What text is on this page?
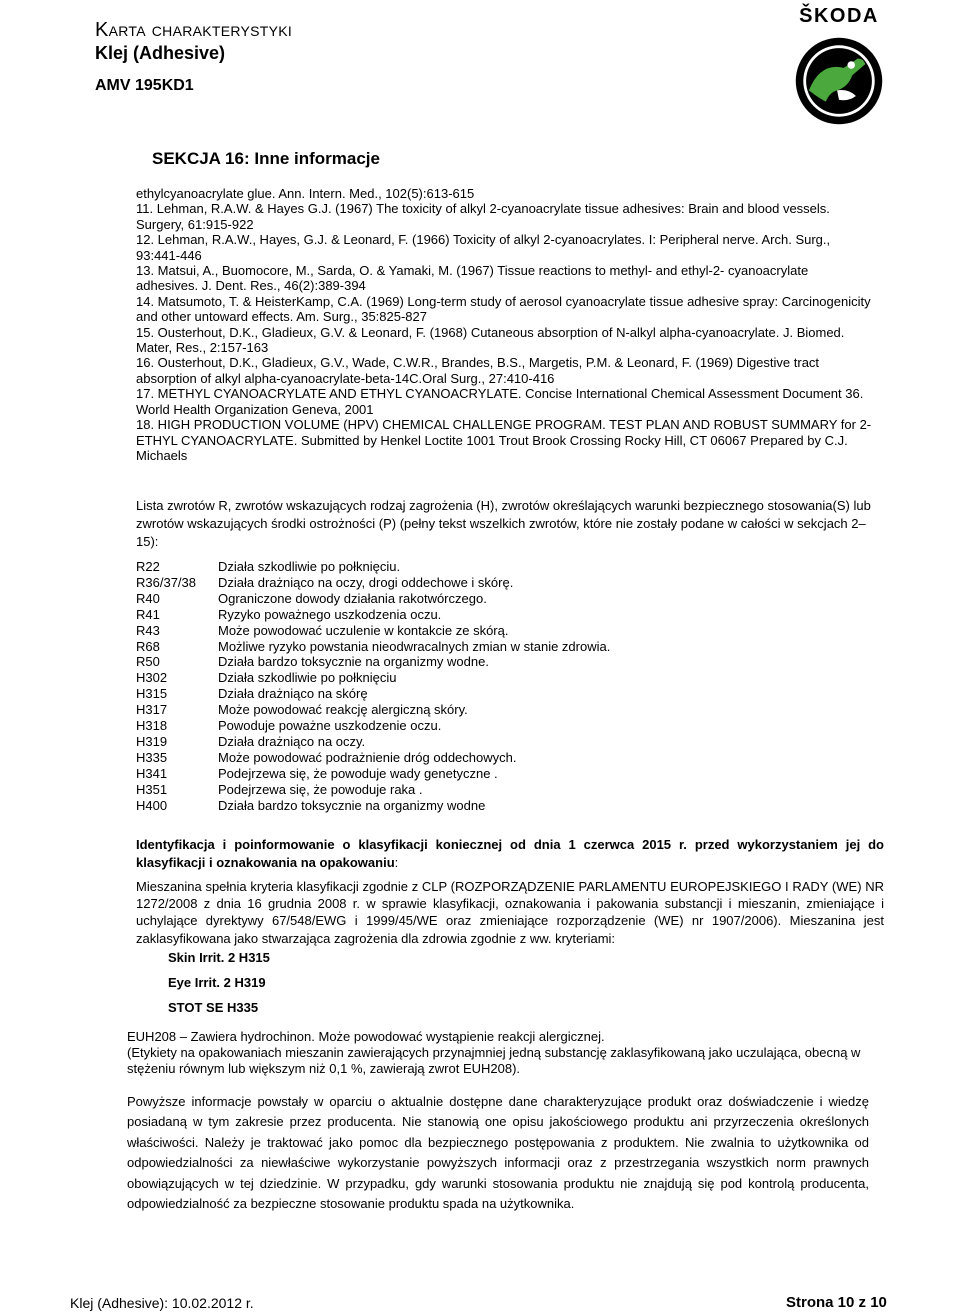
Karta charakterystyki
Klej (Adhesive)
AMV 195KD1
ŠKODA
SEKCJA 16: Inne informacje

ethylcyanoacrylate glue. Ann. Intern. Med., 102(5):613-615

11. Lehman, R.A.W. & Hayes G.J. (1967) The toxicity of alkyl 2-cyanoacrylate tissue adhesives: Brain and blood vessels. Surgery, 61:915-922

12. Lehman, R.A.W., Hayes, G.J. & Leonard, F. (1966) Toxicity of alkyl 2-cyanoacrylates. I: Peripheral nerve. Arch. Surg., 93:441-446

13. Matsui, A., Buomocore, M., Sarda, O. & Yamaki, M. (1967) Tissue reactions to methyl- and ethyl-2- cyanoacrylate adhesives. J. Dent. Res., 46(2):389-394

14. Matsumoto, T. & HeisterKamp, C.A. (1969) Long-term study of aerosol cyanoacrylate tissue adhesive spray: Carcinogenicity and other untoward effects. Am. Surg., 35:825-827

15. Ousterhout, D.K., Gladieux, G.V. & Leonard, F. (1968) Cutaneous absorption of N-alkyl alpha-cyanoacrylate. J. Biomed. Mater, Res., 2:157-163

16. Ousterhout, D.K., Gladieux, G.V., Wade, C.W.R., Brandes, B.S., Margetis, P.M. & Leonard, F. (1969) Digestive tract absorption of alkyl alpha-cyanoacrylate-beta-14C.Oral Surg., 27:410-416

17. METHYL CYANOACRYLATE AND ETHYL CYANOACRYLATE. Concise International Chemical Assessment Document 36. World Health Organization Geneva, 2001

18. HIGH PRODUCTION VOLUME (HPV) CHEMICAL CHALLENGE PROGRAM. TEST PLAN AND ROBUST SUMMARY for 2-ETHYL CYANOACRYLATE. Submitted by Henkel Loctite 1001 Trout Brook Crossing Rocky Hill, CT 06067 Prepared by C.J. Michaels

Lista zwrotów R, zwrotów wskazujących rodzaj zagrożenia (H), zwrotów określających warunki bezpiecznego stosowania(S) lub zwrotów wskazujących środki ostrożności (P) (pełny tekst wszelkich zwrotów, które nie zostały podane w całości w sekcjach 2–15):

R22	Działa szkodliwie po połknięciu.
R36/37/38	Działa drażniąco na oczy, drogi oddechowe i skórę.
R40	Ograniczone dowody działania rakotwórczego.
R41	Ryzyko poważnego uszkodzenia oczu.
R43	Może powodować uczulenie w kontakcie ze skórą.
R68	Możliwe ryzyko powstania nieodwracalnych zmian w stanie zdrowia.
R50	Działa bardzo toksycznie na organizmy wodne.
H302	Działa szkodliwie po połknięciu
H315	Działa drażniąco na skórę
H317	Może powodować reakcję alergiczną skóry.
H318	Powoduje poważne uszkodzenie oczu.
H319	Działa drażniąco na oczy.
H335	Może powodować podrażnienie dróg oddechowych.
H341	Podejrzewa się, że powoduje wady genetyczne .
H351	Podejrzewa się, że powoduje raka .
H400	Działa bardzo toksycznie na organizmy wodne

Identyfikacja i poinformowanie o klasyfikacji koniecznej od dnia 1 czerwca 2015 r. przed wykorzystaniem jej do klasyfikacji i oznakowania na opakowaniu:

Mieszanina spełnia kryteria klasyfikacji zgodnie z CLP (ROZPORZĄDZENIE PARLAMENTU EUROPEJSKIEGO I RADY (WE) NR 1272/2008 z dnia 16 grudnia 2008 r. w sprawie klasyfikacji, oznakowania i pakowania substancji i mieszanin, zmieniające i uchylające dyrektywy 67/548/EWG i 1999/45/WE oraz zmieniające rozporządzenie (WE) nr 1907/2006). Mieszanina jest zaklasyfikowana jako stwarzająca zagrożenia dla zdrowia zgodnie z ww. kryteriami:

Skin Irrit. 2 H315
Eye Irrit. 2 H319
STOT SE H335
EUH208 – Zawiera hydrochinon. Może powodować wystąpienie reakcji alergicznej.
(Etykiety na opakowaniach mieszanin zawierających przynajmniej jedną substancję zaklasyfikowaną jako uczulająca, obecną w stężeniu równym lub większym niż 0,1 %, zawierają zwrot EUH208).

Powyższe informacje powstały w oparciu o aktualnie dostępne dane charakteryzujące produkt oraz doświadczenie i wiedzę posiadaną w tym zakresie przez producenta. Nie stanowią one opisu jakościowego produktu ani przyrzeczenia określonych właściwości. Należy je traktować jako pomoc dla bezpiecznego postępowania z produktem. Nie zwalnia to użytkownika od odpowiedzialności za niewłaściwe wykorzystanie powyższych informacji oraz z przestrzegania wszystkich norm prawnych obowiązujących w tej dziedzinie. W przypadku, gdy warunki stosowania produktu nie znajdują się pod kontrolą producenta, odpowiedzialność za bezpieczne stosowanie produktu spada na użytkownika.

Klej (Adhesive): 10.02.2012 r.	Strona 10 z 10
